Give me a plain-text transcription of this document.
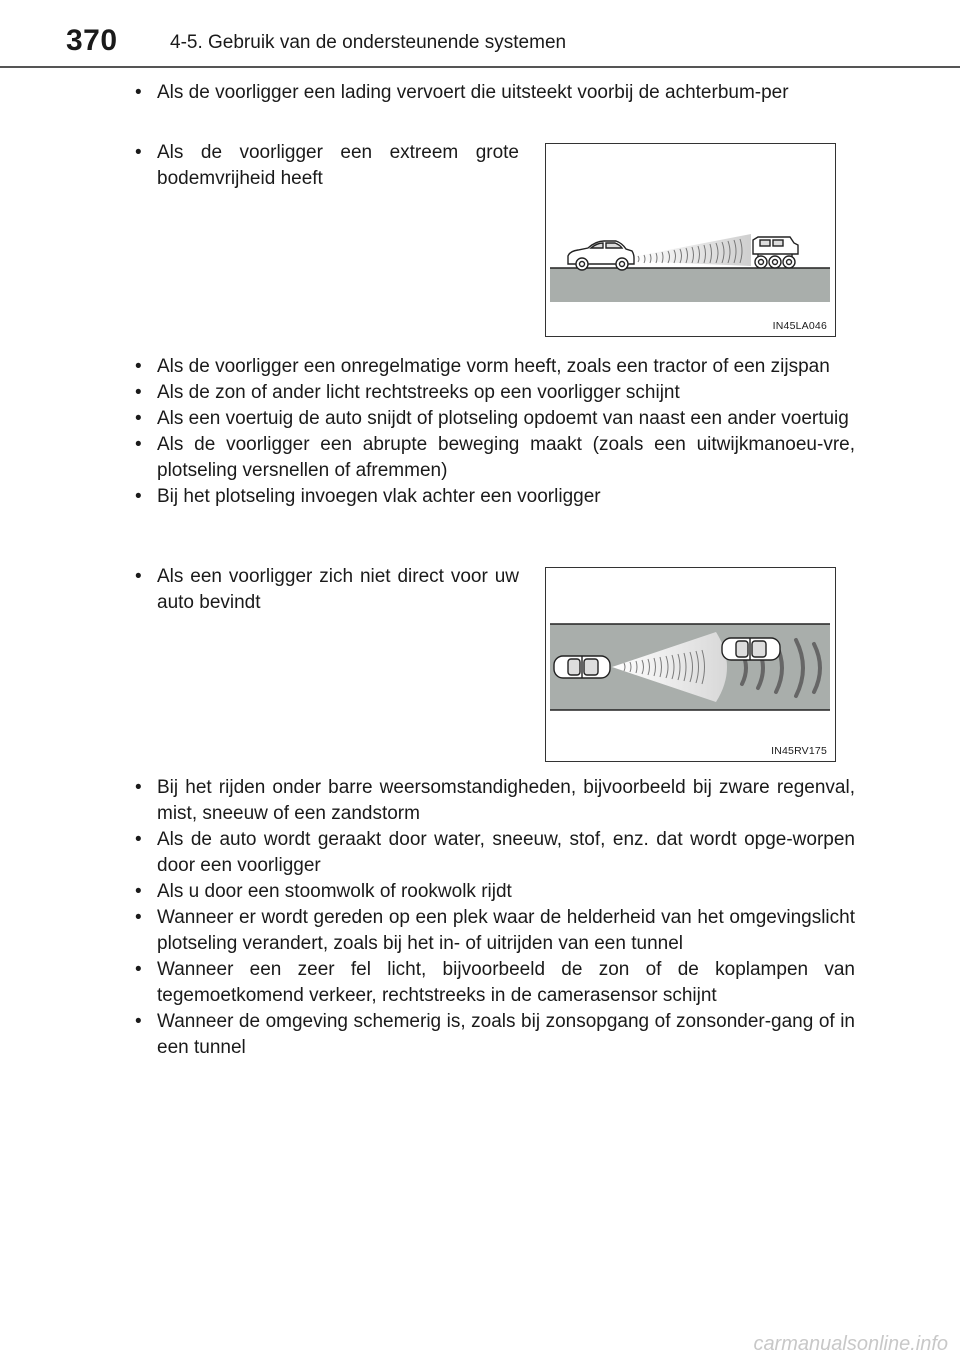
370	4-5. Gebruik van de ondersteunende systemen
• Als de voorligger een lading vervoert die uitsteekt voorbij de achterbum-per
• Als de voorligger een extreem grote bodemvrijheid heeft
IN45LA046
• Als de voorligger een onregelmatige vorm heeft, zoals een tractor of een zijspan
• Als de zon of ander licht rechtstreeks op een voorligger schijnt
• Als een voertuig de auto snijdt of plotseling opdoemt van naast een ander voertuig
• Als de voorligger een abrupte beweging maakt (zoals een uitwijkmanoeu-vre, plotseling versnellen of afremmen)
• Bij het plotseling invoegen vlak achter een voorligger
• Als een voorligger zich niet direct voor uw auto bevindt
IN45RV175
• Bij het rijden onder barre weersomstandigheden, bijvoorbeeld bij zware regenval, mist, sneeuw of een zandstorm
• Als de auto wordt geraakt door water, sneeuw, stof, enz. dat wordt opge-worpen door een voorligger
• Als u door een stoomwolk of rookwolk rijdt
• Wanneer er wordt gereden op een plek waar de helderheid van het omgevingslicht plotseling verandert, zoals bij het in- of uitrijden van een tunnel
• Wanneer een zeer fel licht, bijvoorbeeld de zon of de koplampen van tegemoetkomend verkeer, rechtstreeks in de camerasensor schijnt
• Wanneer de omgeving schemerig is, zoals bij zonsopgang of zonsonder-gang of in een tunnel
carmanualsonline.info
